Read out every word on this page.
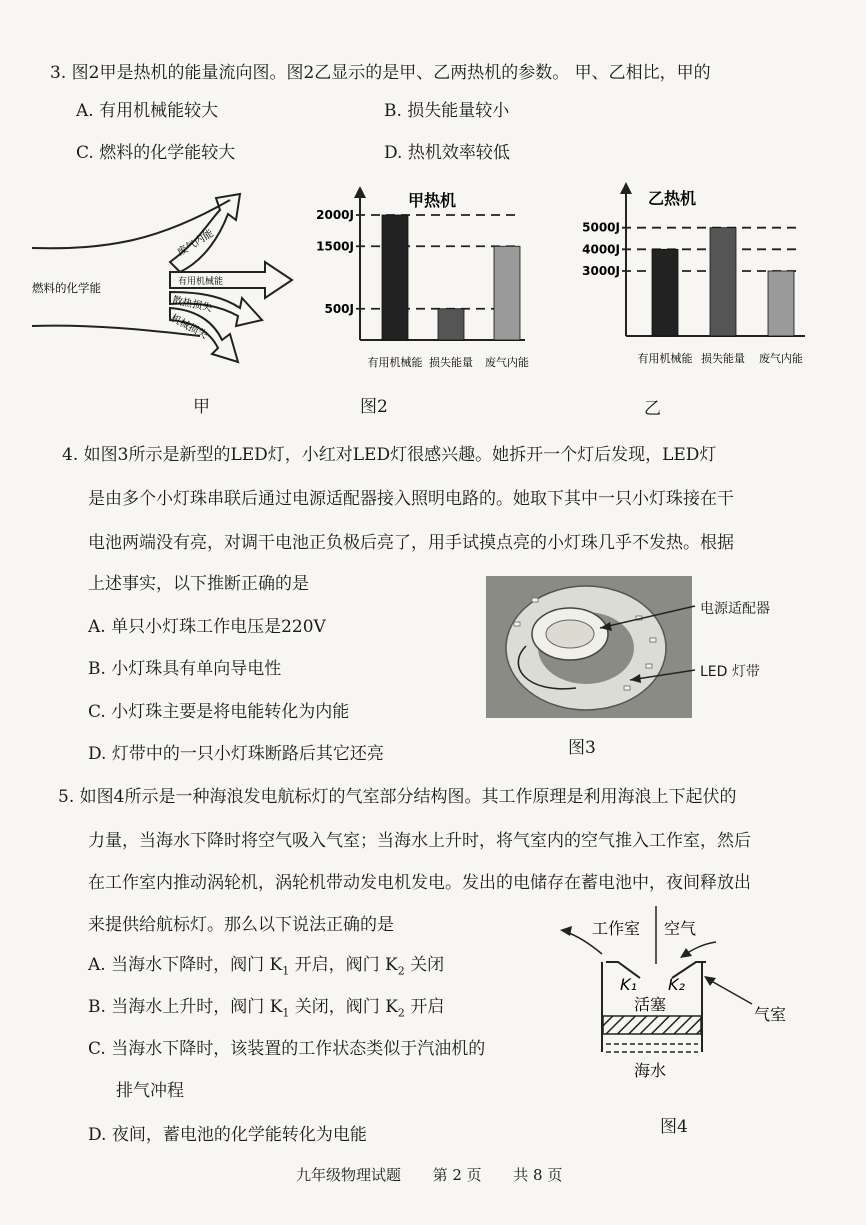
3. 图2甲是热机的能量流向图。图2乙显示的是甲、乙两热机的参数。 甲、乙相比，甲的
A. 有用机械能较大	B. 损失能量较小
C. 燃料的化学能较大	D. 热机效率较低
燃料的化学能
废气内能
有用机械能
散热损失
机械损失
甲热机
2000J
1500J
500J
有用机械能 损失能量 废气内能
乙热机
5000J
4000J
3000J
有用机械能 损失能量 废气内能
甲	图2	乙
4. 如图3所示是新型的LED灯，小红对LED灯很感兴趣。她拆开一个灯后发现，LED灯
是由多个小灯珠串联后通过电源适配器接入照明电路的。她取下其中一只小灯珠接在干
电池两端没有亮，对调干电池正负极后亮了，用手试摸点亮的小灯珠几乎不发热。根据
上述事实，以下推断正确的是
A. 单只小灯珠工作电压是220V
B. 小灯珠具有单向导电性
C. 小灯珠主要是将电能转化为内能
D. 灯带中的一只小灯珠断路后其它还亮
电源适配器
LED 灯带
图3
5. 如图4所示是一种海浪发电航标灯的气室部分结构图。其工作原理是利用海浪上下起伏的
力量，当海水下降时将空气吸入气室；当海水上升时，将气室内的空气推入工作室，然后
在工作室内推动涡轮机，涡轮机带动发电机发电。发出的电储存在蓄电池中，夜间释放出
来提供给航标灯。那么以下说法正确的是
A. 当海水下降时，阀门 $K_1$ 开启，阀门 $K_2$ 关闭
B. 当海水上升时，阀门 $K_1$ 关闭，阀门 $K_2$ 开启
C. 当海水下降时，该装置的工作状态类似于汽油机的
排气冲程
D. 夜间，蓄电池的化学能转化为电能
工作室 空气
K₁ K₂
活塞
海水
气室
图4
九年级物理试题 第 2 页 共 8 页
